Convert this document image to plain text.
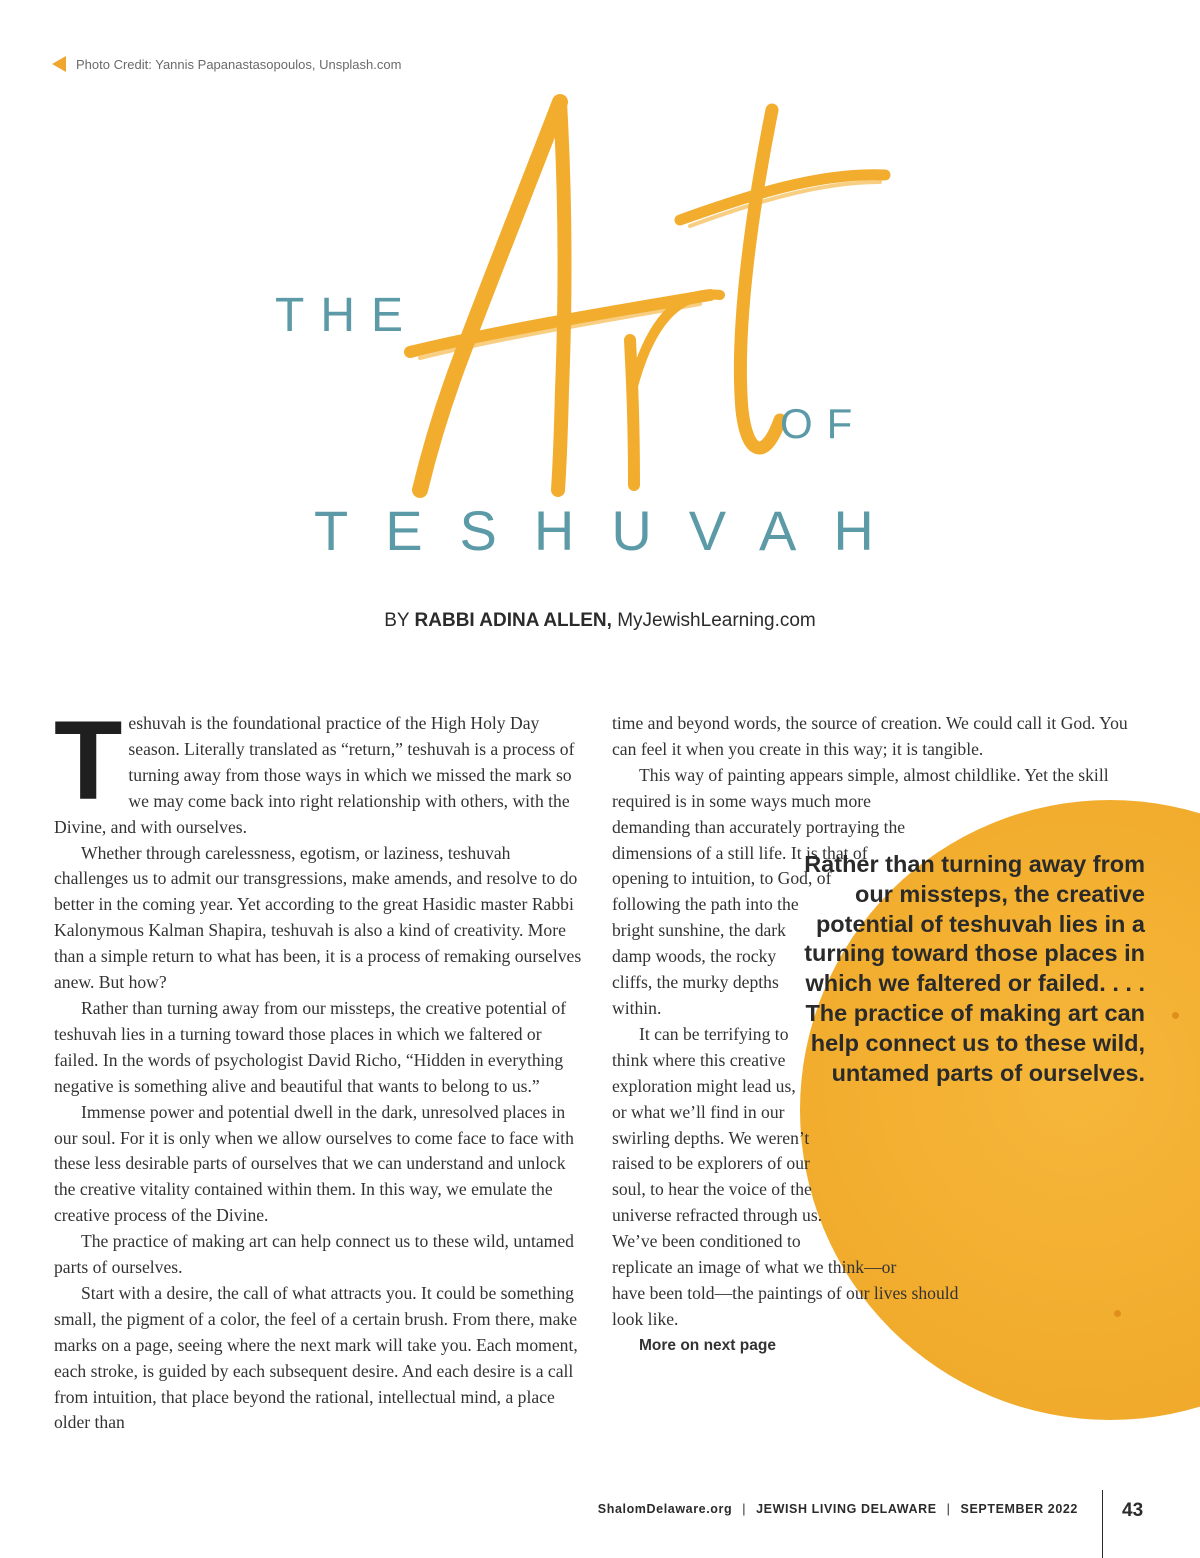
Photo Credit: Yannis Papanastasopoulos, Unsplash.com
THE
OF
TESHUVAH
BY RABBI ADINA ALLEN, MyJewishLearning.com
T eshuvah is the foundational practice of the High Holy Day season. Literally translated as “return,” teshuvah is a process of turning away from those ways in which we missed the mark so we may come back into right relationship with others, with the Divine, and with ourselves.

Whether through carelessness, egotism, or laziness, teshuvah challenges us to admit our transgressions, make amends, and resolve to do better in the coming year. Yet according to the great Hasidic master Rabbi Kalonymous Kalman Shapira, teshuvah is also a kind of creativity. More than a simple return to what has been, it is a process of remaking ourselves anew. But how?

Rather than turning away from our missteps, the creative potential of teshuvah lies in a turning toward those places in which we faltered or failed. In the words of psychologist David Richo, “Hidden in everything negative is something alive and beautiful that wants to belong to us.”

Immense power and potential dwell in the dark, unresolved places in our soul. For it is only when we allow ourselves to come face to face with these less desirable parts of ourselves that we can understand and unlock the creative vitality contained within them. In this way, we emulate the creative process of the Divine.

The practice of making art can help connect us to these wild, untamed parts of ourselves.

Start with a desire, the call of what attracts you. It could be something small, the pigment of a color, the feel of a certain brush. From there, make marks on a page, seeing where the next mark will take you. Each moment, each stroke, is guided by each subsequent desire. And each desire is a call from intuition, that place beyond the rational, intellectual mind, a place older than

time and beyond words, the source of creation. We could call it God. You can feel it when you create in this way; it is tangible.

This way of painting appears simple, almost childlike. Yet the skill required is in some ways much more demanding than accurately portraying the dimensions of a still life. It is that of opening to intuition, to God, of following the path into the bright sunshine, the dark damp woods, the rocky cliffs, the murky depths within.

It can be terrifying to think where this creative exploration might lead us, or what we’ll find in our swirling depths. We weren’t raised to be explorers of our soul, to hear the voice of the universe refracted through us. We’ve been conditioned to replicate an image of what we think—or have been told—the paintings of our lives should look like.

More on next page

Rather than turning away from our missteps, the creative potential of teshuvah lies in a turning toward those places in which we faltered or failed. . . . The practice of making art can help connect us to these wild, untamed parts of ourselves.
ShalomDelaware.org | JEWISH LIVING DELAWARE | SEPTEMBER 2022 43
